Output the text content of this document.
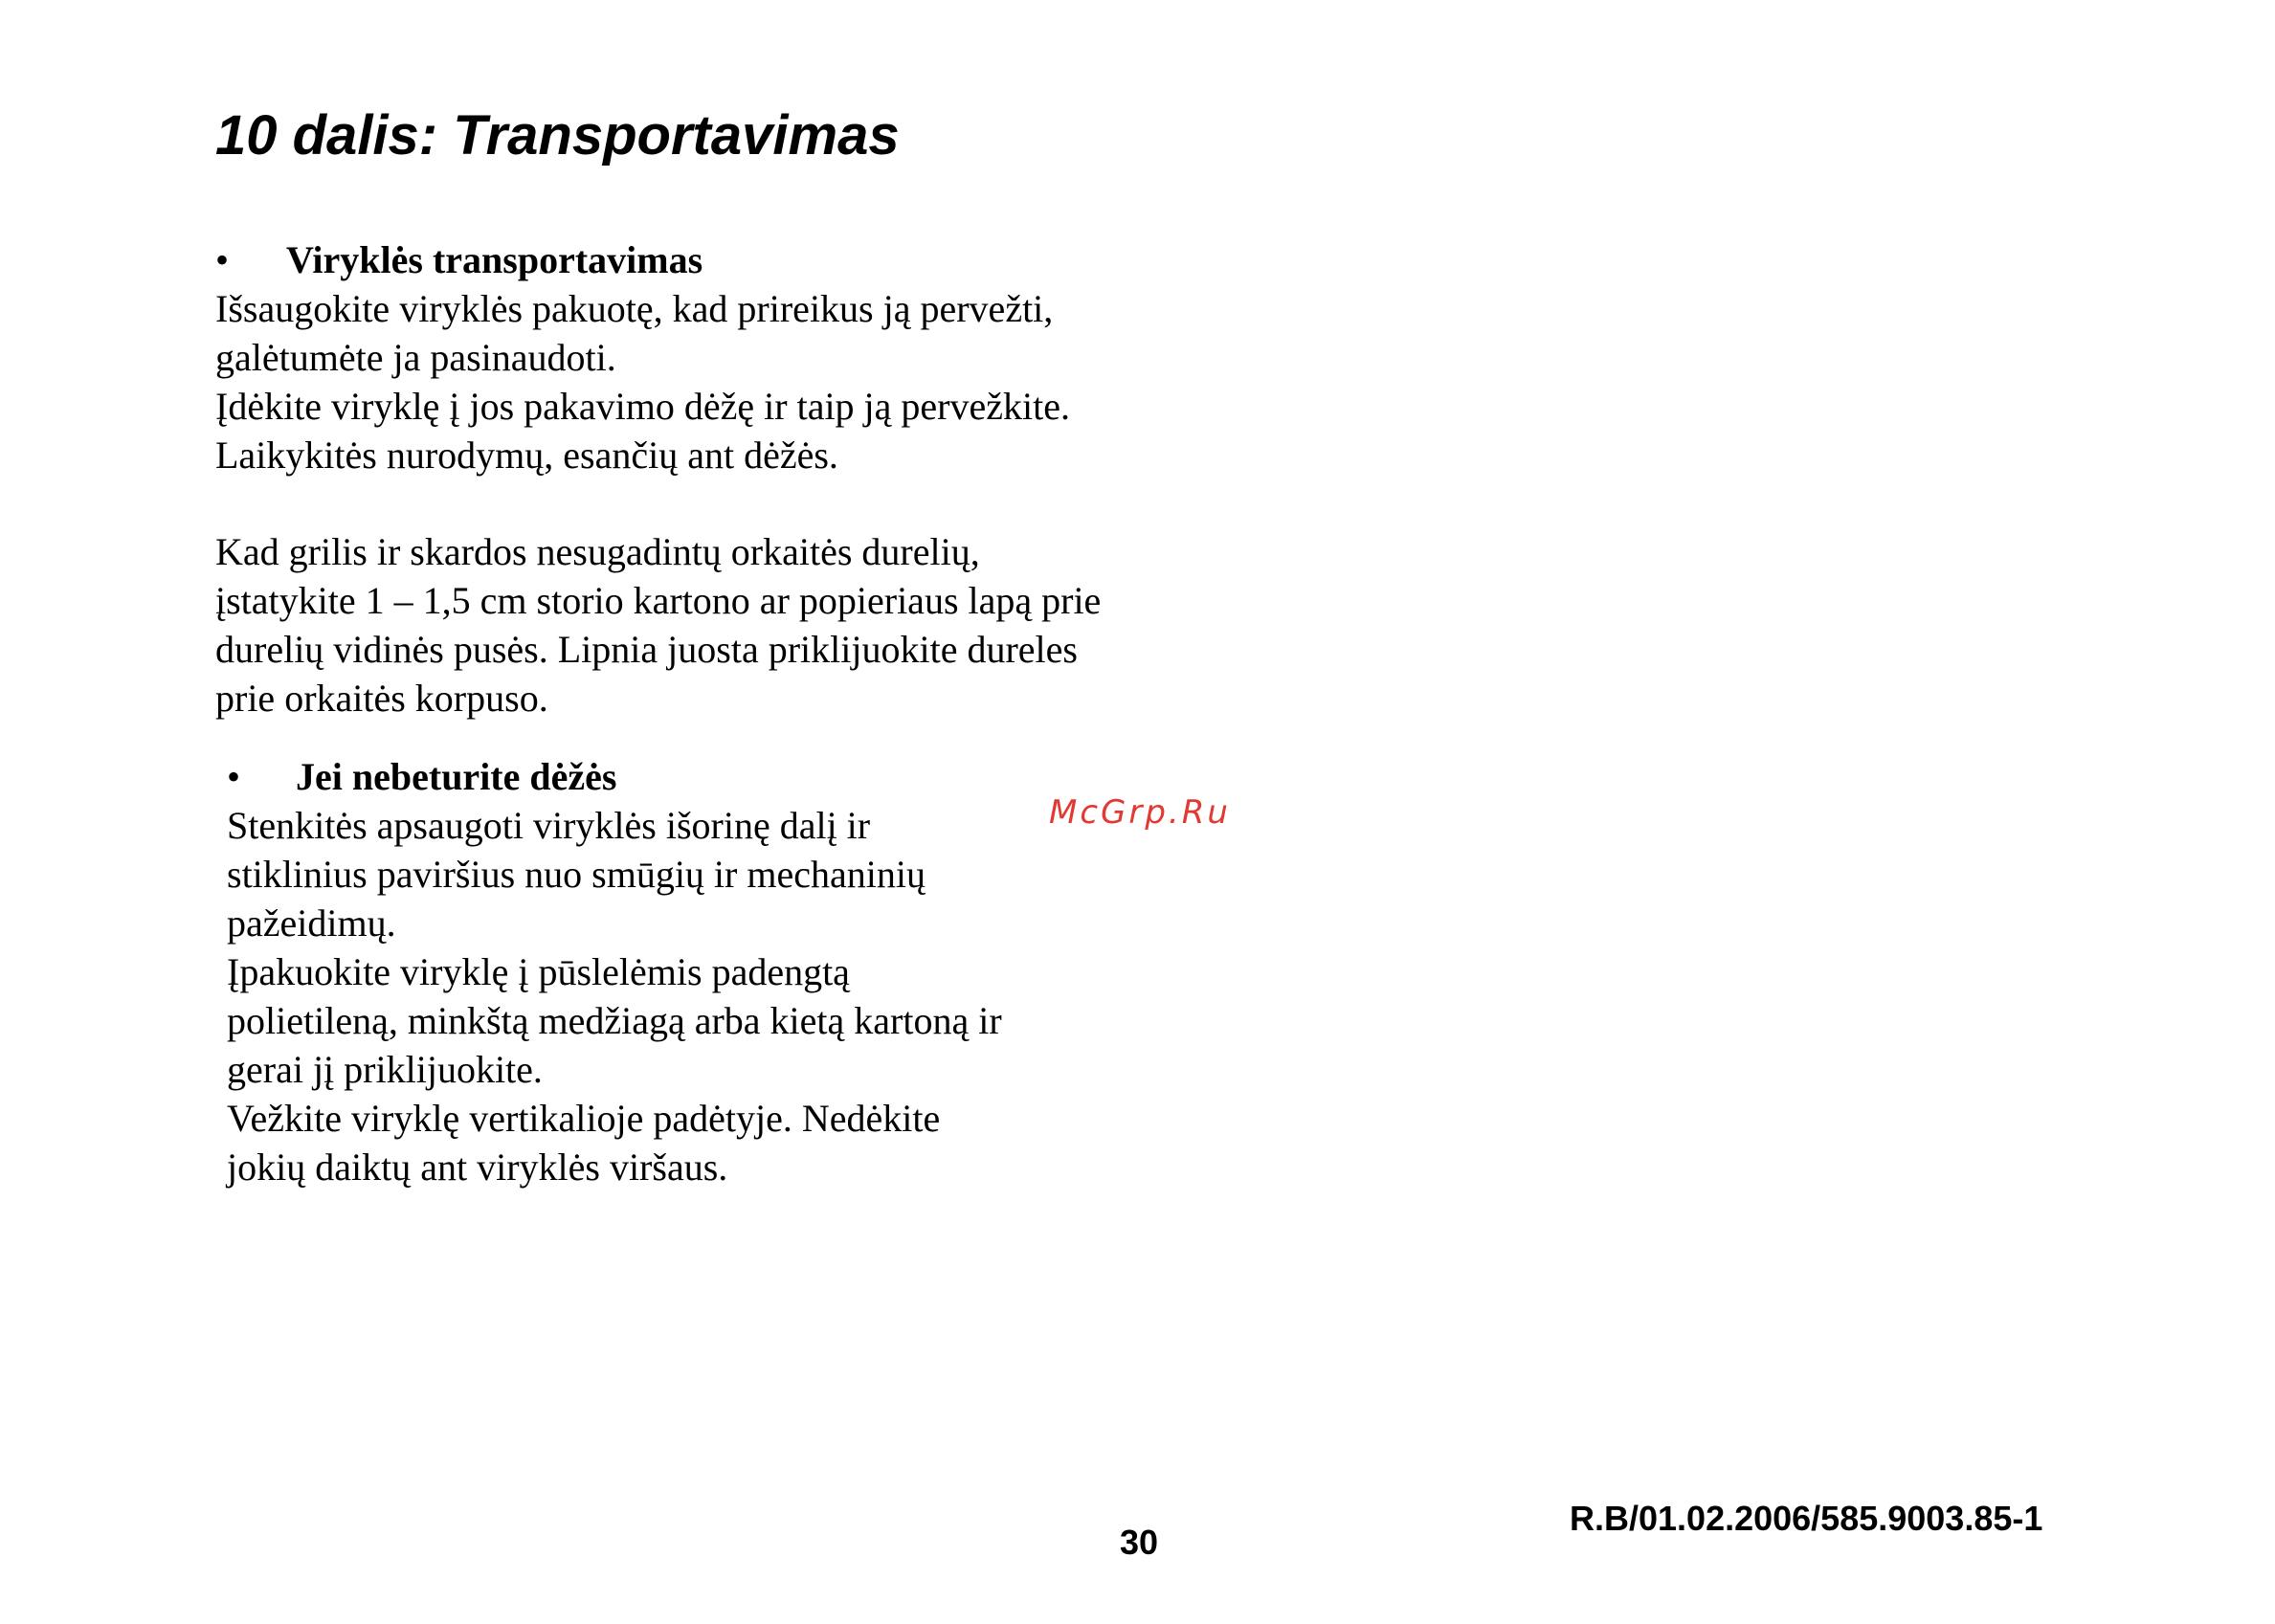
10 dalis: Transportavimas
• Viryklės transportavimas
Išsaugokite viryklės pakuotę, kad prireikus ją pervežti,
galėtumėte ja pasinaudoti.
Įdėkite viryklę į jos pakavimo dėžę ir taip ją pervežkite.
Laikykitės nurodymų, esančių ant dėžės.
Kad grilis ir skardos nesugadintų orkaitės durelių,
įstatykite 1 – 1,5 cm storio kartono ar popieriaus lapą prie
durelių vidinės pusės. Lipnia juosta priklijuokite dureles
prie orkaitės korpuso.
• Jei nebeturite dėžės
Stenkitės apsaugoti viryklės išorinę dalį ir
stiklinius paviršius nuo smūgių ir mechaninių
pažeidimų.
Įpakuokite viryklę į pūslelėmis padengtą
polietileną, minkštą medžiagą arba kietą kartoną ir
gerai jį priklijuokite.
Vežkite viryklę vertikalioje padėtyje. Nedėkite
jokių daiktų ant viryklės viršaus.
McGrp.Ru
30
R.B/01.02.2006/585.9003.85-1
